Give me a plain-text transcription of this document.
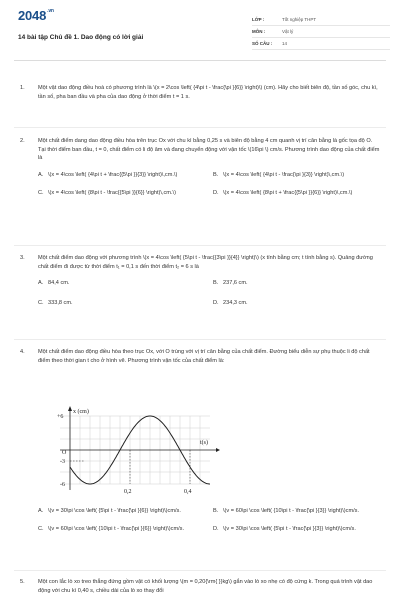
$2048^{.vn}$
14 bài tập Chủ đề 1. Dao động có lời giải
LỚP :	Tốt nghiệp THPT
MÔN :	Vật lý
SỐ CÂU :	14
1. Một vật dao động điều hoà có phương trình là \(x = 2\cos \left( {4\pi t - \frac{\pi }{6}} \right)\) (cm). Hãy cho biết biên độ, tần số góc, chu kì, tần số, pha ban đầu và pha của dao động ở thời điểm t = 1 s.
2. Một chất điểm dang dao động điều hòa trên trục Ox với chu kì bằng 0,25 s và biên độ bằng 4 cm quanh vị trí cân bằng là gốc tọa độ O. Tại thời điểm ban đầu, t = 0, chất điểm có li độ âm và đang chuyển động với vận tốc \(16\pi \) cm/s. Phương trình dao động của chất điểm là
A. \(x = 4\cos \left( {4\pi t + \frac{{5\pi }}{3}} \right)\,cm.\)	B. \(x = 4\cos \left( {4\pi t - \frac{\pi }{3}} \right)\,cm.\)
C. \(x = 4\cos \left( {8\pi t - \frac{{5\pi }}{6}} \right)\,cm.\)	D. \(x = 4\cos \left( {8\pi t + \frac{{5\pi }}{6}} \right)\,cm.\)
3. Một chất điểm dao động với phương trình \(x = 4\cos \left( {5\pi t - \frac{{3\pi }}{4}} \right)\) (x tính bằng cm; t tính bằng s). Quảng đường chất điểm đi được từ thời điểm t₁ = 0,1 s đến thời điểm t₂ = 6 s là
A. 84,4 cm.	B. 237,6 cm.
C. 333,8 cm.	D. 234,3 cm.
4. Một chất điểm dao động điều hòa theo trục Ox, với O trùng với vị trí cân bằng của chất điểm. Đường biểu diễn sự phụ thuộc li độ chất điểm theo thời gian t cho ở hình vẽ. Phương trình vận tốc của chất điểm là:
x (cm)
t(s)
+6
O
-3
-6
0,2	0,4
A. \(v = 30\pi \cos \left( {5\pi t - \frac{\pi }{6}} \right)\)cm/s.	B. \(v = 60\pi \cos \left( {10\pi t - \frac{\pi }{3}} \right)\)cm/s.
C. \(v = 60\pi \cos \left( {10\pi t - \frac{\pi }{6}} \right)\)cm/s.	D. \(v = 30\pi \cos \left( {5\pi t - \frac{\pi }{3}} \right)\)cm/s.
5. Một con lắc lò xo treo thẳng đứng gồm vật có khối lượng \(m = 0,20{\rm{ }}kg\) gắn vào lò xo nhẹ có độ cứng k. Trong quá trình vật dao động với chu kì 0,40 s, chiều dài của lò xo thay đổi
